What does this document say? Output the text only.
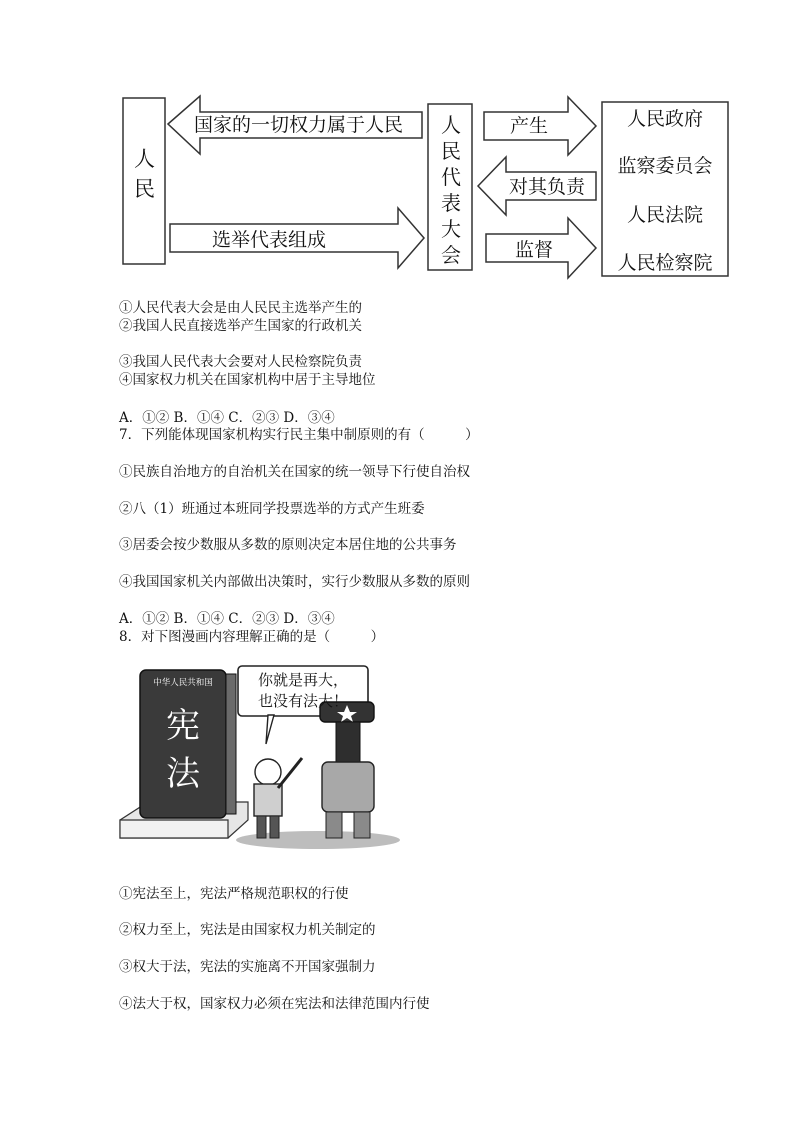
人民
国家的一切权力属于人民
选举代表组成
人民代表大会
产生
对其负责
监督
人民政府
监察委员会
人民法院
人民检察院
①人民代表大会是由人民民主选举产生的
②我国人民直接选举产生国家的行政机关
③我国人民代表大会要对人民检察院负责
④国家权力机关在国家机构中居于主导地位
A．①② B．①④ C．②③ D．③④
7．下列能体现国家机构实行民主集中制原则的有（　　　）
①民族自治地方的自治机关在国家的统一领导下行使自治权
②八（1）班通过本班同学投票选举的方式产生班委
③居委会按少数服从多数的原则决定本居住地的公共事务
④我国国家机关内部做出决策时，实行少数服从多数的原则
A．①② B．①④ C．②③ D．③④
8．对下图漫画内容理解正确的是（　　　）
中华人民共和国
宪
法
你就是再大，
也没有法大！
①宪法至上，宪法严格规范职权的行使
②权力至上，宪法是由国家权力机关制定的
③权大于法，宪法的实施离不开国家强制力
④法大于权，国家权力必须在宪法和法律范围内行使
